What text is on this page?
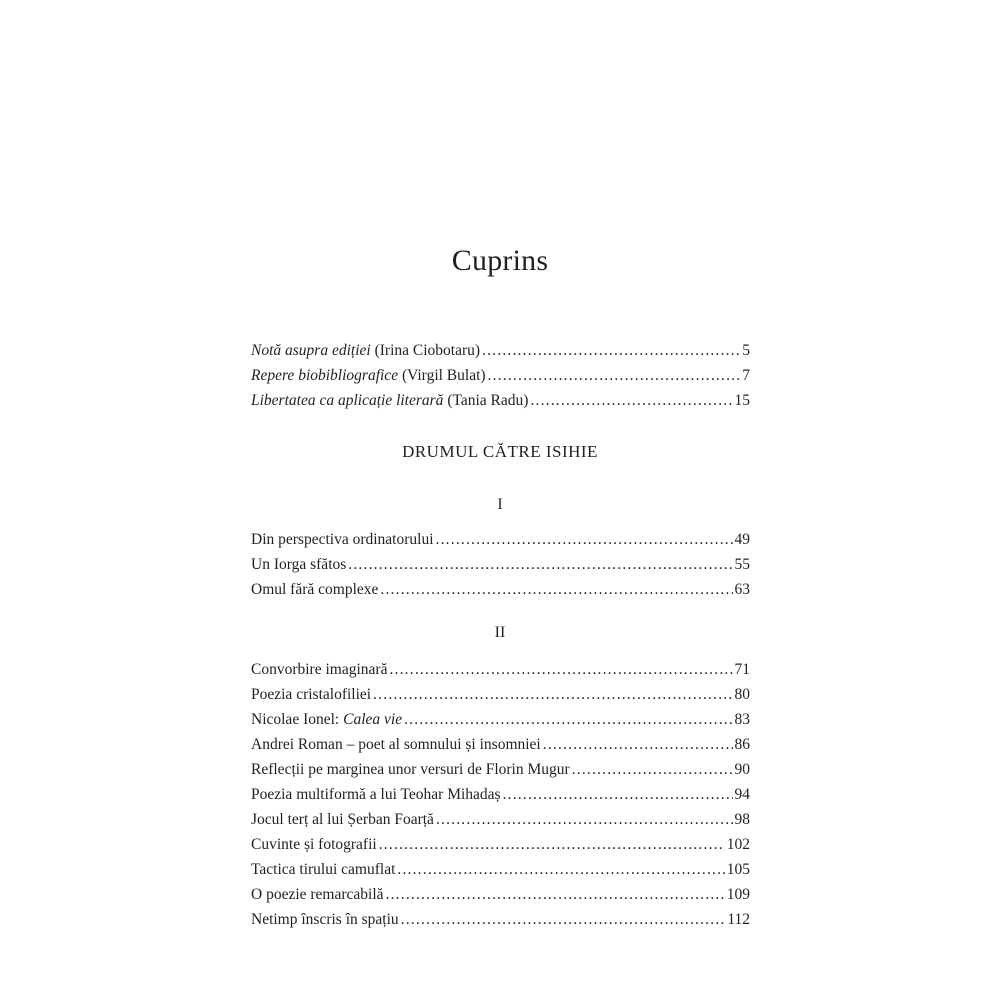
Cuprins
Notă asupra ediției (Irina Ciobotaru) .....	5
Repere biobibliografice (Virgil Bulat) .....	7
Libertatea ca aplicație literară (Tania Radu) .....	15
DRUMUL CĂTRE ISIHIE
I
Din perspectiva ordinatorului .....	49
Un Iorga sfătos .....	55
Omul fără complexe .....	63
II
Convorbire imaginară .....	71
Poezia cristalofiliei .....	80
Nicolae Ionel: Calea vie .....	83
Andrei Roman – poet al somnului și insomniei .....	86
Reflecții pe marginea unor versuri de Florin Mugur .....	90
Poezia multiformă a lui Teohar Mihadaș .....	94
Jocul terț al lui Șerban Foarță .....	98
Cuvinte și fotografii .....	102
Tactica tirului camuflat .....	105
O poezie remarcabilă .....	109
Netimp înscris în spațiu .....	112
